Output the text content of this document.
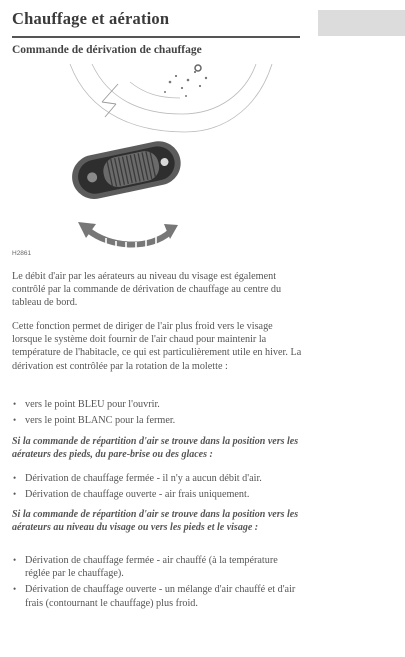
Chauffage et aération
Commande de dérivation de chauffage
H2861
Le débit d'air par les aérateurs au niveau du visage est également contrôlé par la commande de dérivation de chauffage au centre du tableau de bord.
Cette fonction permet de diriger de l'air plus froid vers le visage lorsque le système doit fournir de l'air chaud pour maintenir la température de l'habitacle, ce qui est particulièrement utile en hiver. La dérivation est contrôlée par la rotation de la molette :
• vers le point BLEU pour l'ouvrir.
• vers le point BLANC pour la fermer.
Si la commande de répartition d'air se trouve dans la position vers les aérateurs des pieds, du pare-brise ou des glaces :
• Dérivation de chauffage fermée - il n'y a aucun débit d'air.
• Dérivation de chauffage ouverte - air frais uniquement.
Si la commande de répartition d'air se trouve dans la position vers les aérateurs au niveau du visage ou vers les pieds et le visage :
• Dérivation de chauffage fermée - air chauffé (à la température réglée par le chauffage).
• Dérivation de chauffage ouverte - un mélange d'air chauffé et d'air frais (contournant le chauffage) plus froid.
